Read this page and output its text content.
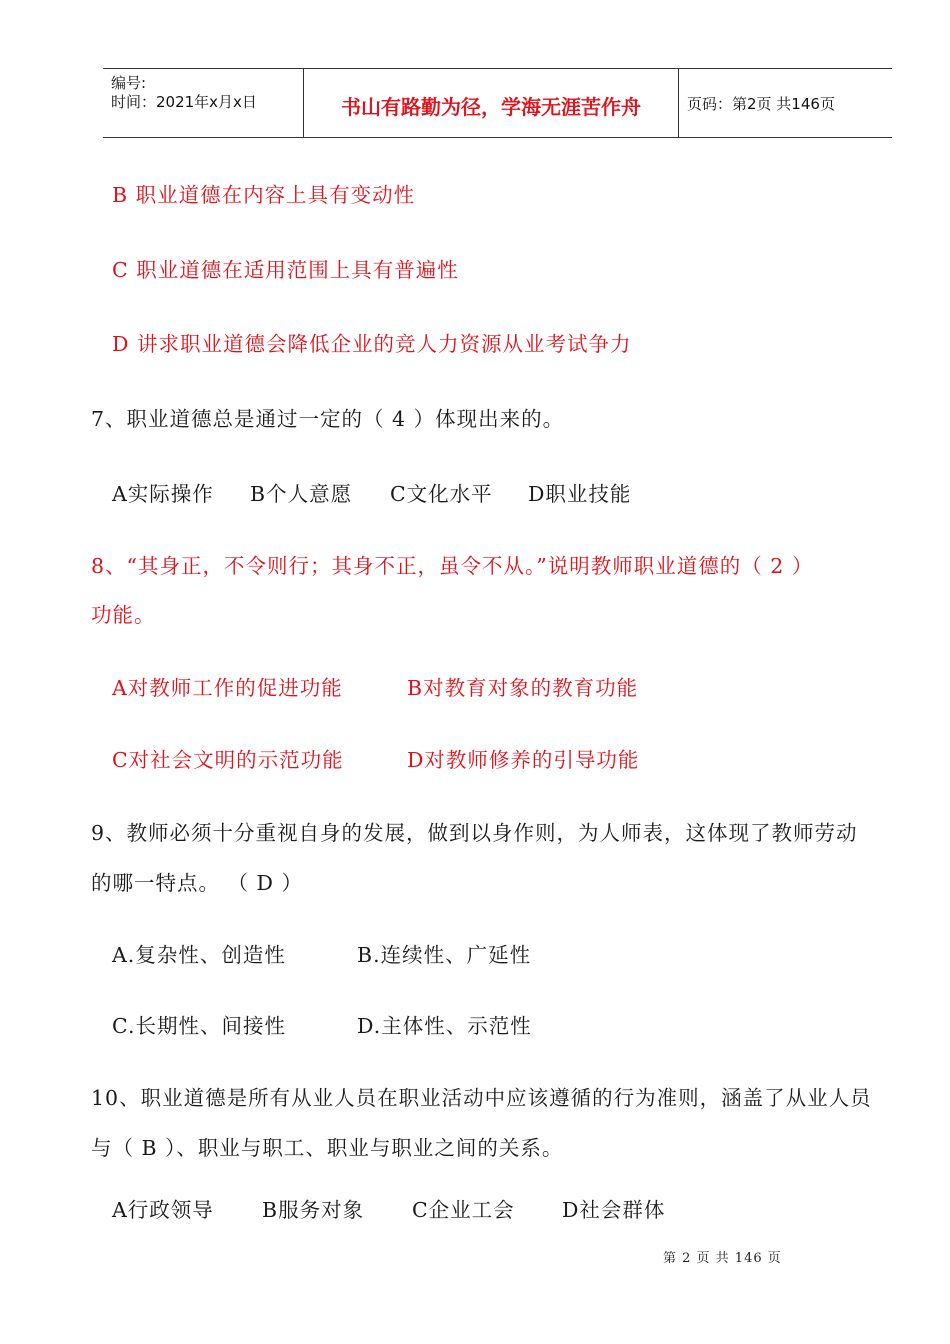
编号:
时间：2021年x月x日	书山有路勤为径，学海无涯苦作舟	页码：第2页 共146页
B 职业道德在内容上具有变动性
C 职业道德在适用范围上具有普遍性
D 讲求职业道德会降低企业的竞人力资源从业考试争力
7、职业道德总是通过一定的（ 4 ）体现出来的。
A实际操作 B个人意愿 C文化水平 D职业技能
8、“其身正，不令则行；其身不正，虽令不从。”说明教师职业道德的（ 2 ）
功能。
A对教师工作的促进功能	B对教育对象的教育功能
C对社会文明的示范功能	D对教师修养的引导功能
9、教师必须十分重视自身的发展，做到以身作则，为人师表，这体现了教师劳动
的哪一特点。 （ D ）
A.复杂性、创造性	B.连续性、广延性
C.长期性、间接性	D.主体性、示范性
10、职业道德是所有从业人员在职业活动中应该遵循的行为准则，涵盖了从业人员
与（ B ）、职业与职工、职业与职业之间的关系。
A行政领导 B服务对象 C企业工会 D社会群体
第 2 页 共 146 页
